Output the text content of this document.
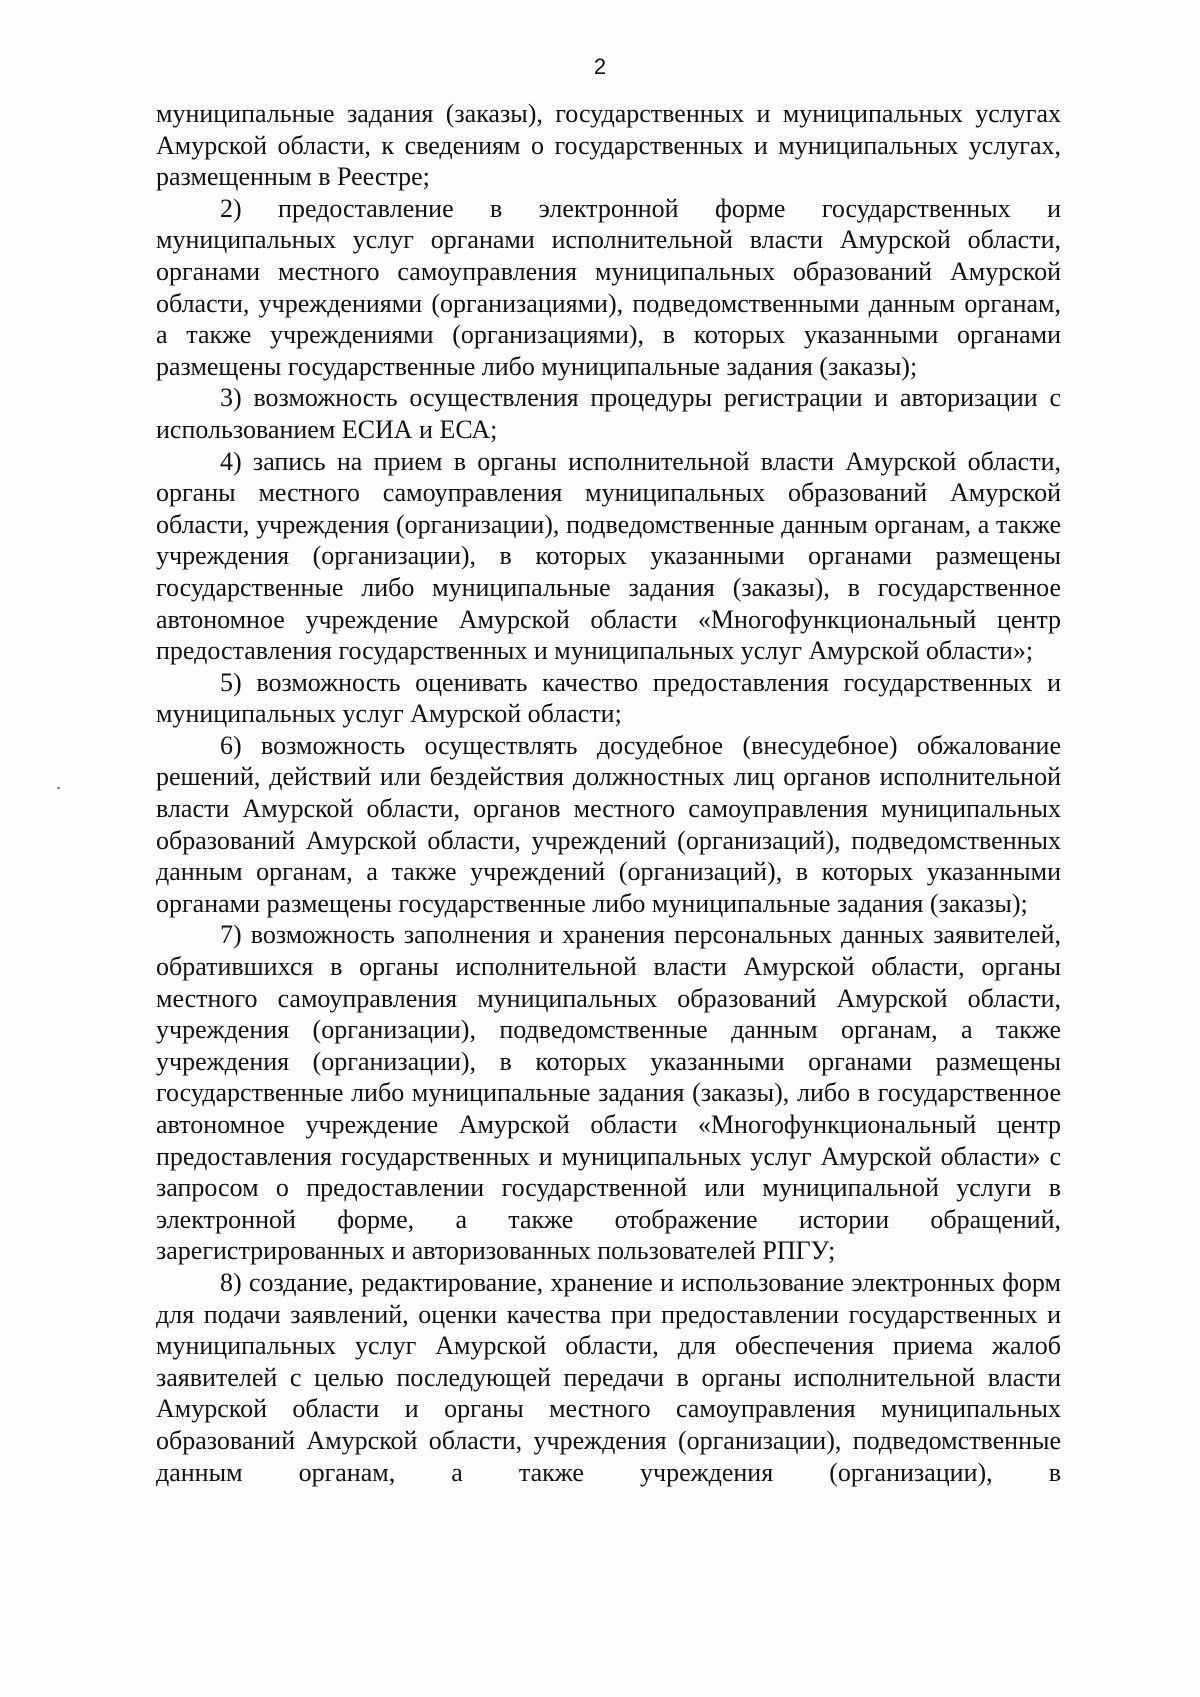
2

муниципальные задания (заказы), государственных и муниципальных услугах Амурской области, к сведениям о государственных и муниципальных услугах, размещенным в Реестре;

2) предоставление в электронной форме государственных и муниципальных услуг органами исполнительной власти Амурской области, органами местного самоуправления муниципальных образований Амурской области, учреждениями (организациями), подведомственными данным органам, а также учреждениями (организациями), в которых указанными органами размещены государственные либо муниципальные задания (заказы);

3) возможность осуществления процедуры регистрации и авторизации с использованием ЕСИА и ЕСА;

4) запись на прием в органы исполнительной власти Амурской области, органы местного самоуправления муниципальных образований Амурской области, учреждения (организации), подведомственные данным органам, а также учреждения (организации), в которых указанными органами размещены государственные либо муниципальные задания (заказы), в государственное автономное учреждение Амурской области «Многофункциональный центр предоставления государственных и муниципальных услуг Амурской области»;

5) возможность оценивать качество предоставления государственных и муниципальных услуг Амурской области;

6) возможность осуществлять досудебное (внесудебное) обжалование решений, действий или бездействия должностных лиц органов исполнительной власти Амурской области, органов местного самоуправления муниципальных образований Амурской области, учреждений (организаций), подведомственных данным органам, а также учреждений (организаций), в которых указанными органами размещены государственные либо муниципальные задания (заказы);

7) возможность заполнения и хранения персональных данных заявителей, обратившихся в органы исполнительной власти Амурской области, органы местного самоуправления муниципальных образований Амурской области, учреждения (организации), подведомственные данным органам, а также учреждения (организации), в которых указанными органами размещены государственные либо муниципальные задания (заказы), либо в государственное автономное учреждение Амурской области «Многофункциональный центр предоставления государственных и муниципальных услуг Амурской области» с запросом о предоставлении государственной или муниципальной услуги в электронной форме, а также отображение истории обращений, зарегистрированных и авторизованных пользователей РПГУ;

8) создание, редактирование, хранение и использование электронных форм для подачи заявлений, оценки качества при предоставлении государственных и муниципальных услуг Амурской области, для обеспечения приема жалоб заявителей с целью последующей передачи в органы исполнительной власти Амурской области и органы местного самоуправления муниципальных образований Амурской области, учреждения (организации), подведомственные данным органам, а также учреждения (организации), в
